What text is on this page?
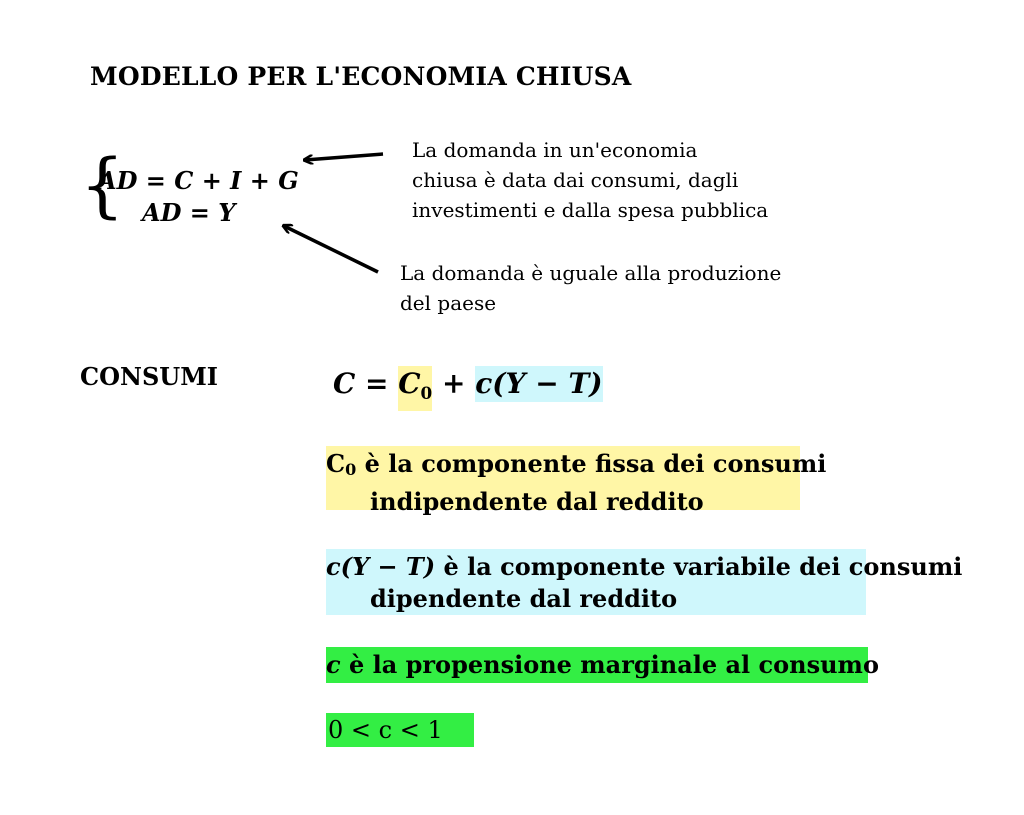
MODELLO PER L'ECONOMIA CHIUSA
{
AD = C + I + G
AD = Y
La domanda in un'economia
chiusa è data dai consumi, dagli
investimenti e dalla spesa pubblica
La domanda è uguale alla produzione
del paese
CONSUMI	C = C0 + c(Y − T)
C0 è la componente fissa dei consumi
indipendente dal reddito
c(Y − T) è la componente variabile dei consumi
dipendente dal reddito
c è la propensione marginale al consumo
0 < c < 1
